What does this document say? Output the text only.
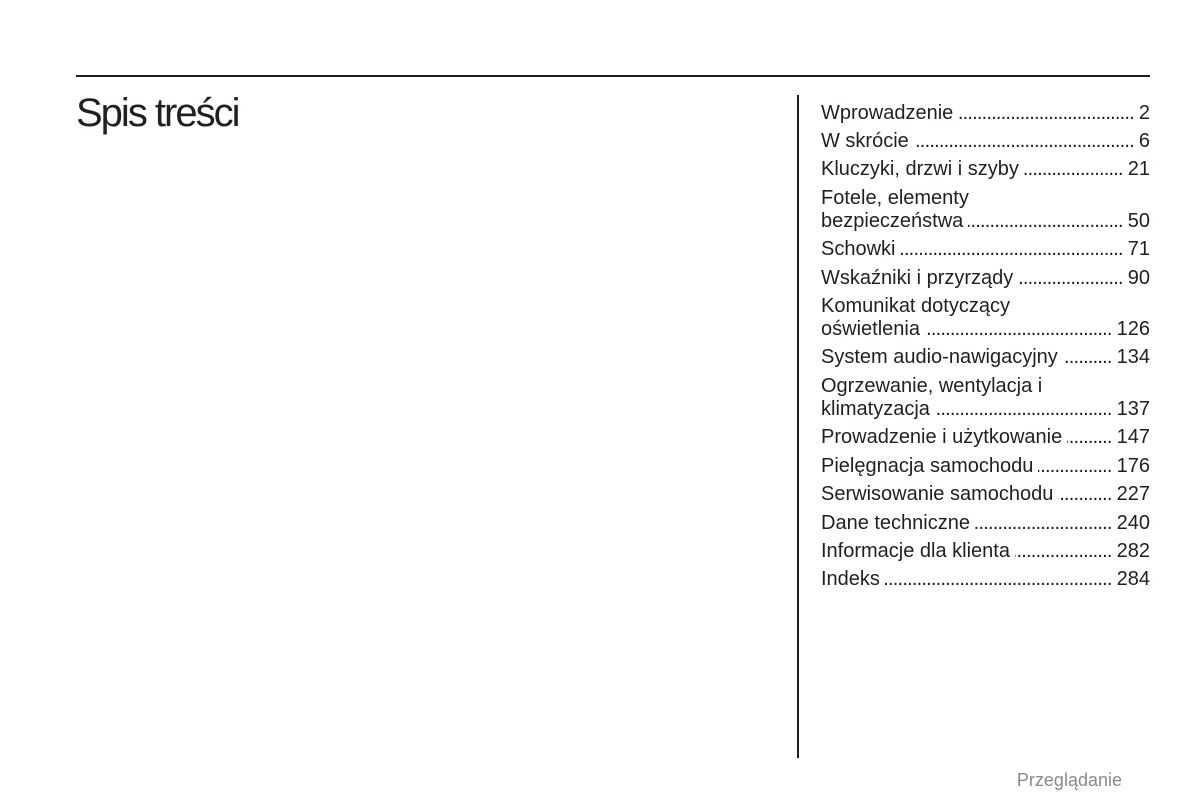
Spis treści	Wprowadzenie .....	2
W skrócie .....	6
Kluczyki, drzwi i szyby .....	21
Fotele, elementy
bezpieczeństwa .....	50
Schowki .....	71
Wskaźniki i przyrządy .....	90
Komunikat dotyczący
oświetlenia .....	126
System audio-nawigacyjny .....	134
Ogrzewanie, wentylacja i
klimatyzacja .....	137
Prowadzenie i użytkowanie .....	147
Pielęgnacja samochodu .....	176
Serwisowanie samochodu .....	227
Dane techniczne .....	240
Informacje dla klienta .....	282
Indeks .....	284
Przeglądanie
